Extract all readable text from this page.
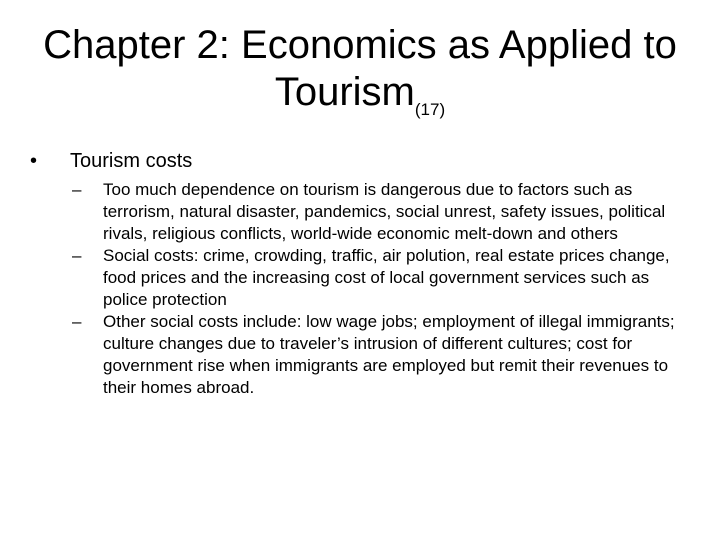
Chapter 2: Economics as Applied to Tourism$_{(17)}$
• Tourism costs
– Too much dependence on tourism is dangerous due to factors such as terrorism, natural disaster, pandemics, social unrest, safety issues, political rivals, religious conflicts, world-wide economic melt-down and others
– Social costs: crime, crowding, traffic, air polution, real estate prices change, food prices and the increasing cost of local government services such as police protection
– Other social costs include: low wage jobs; employment of illegal immigrants; culture changes due to traveler’s intrusion of different cultures; cost for government rise when immigrants are employed but remit their revenues to their homes abroad.
